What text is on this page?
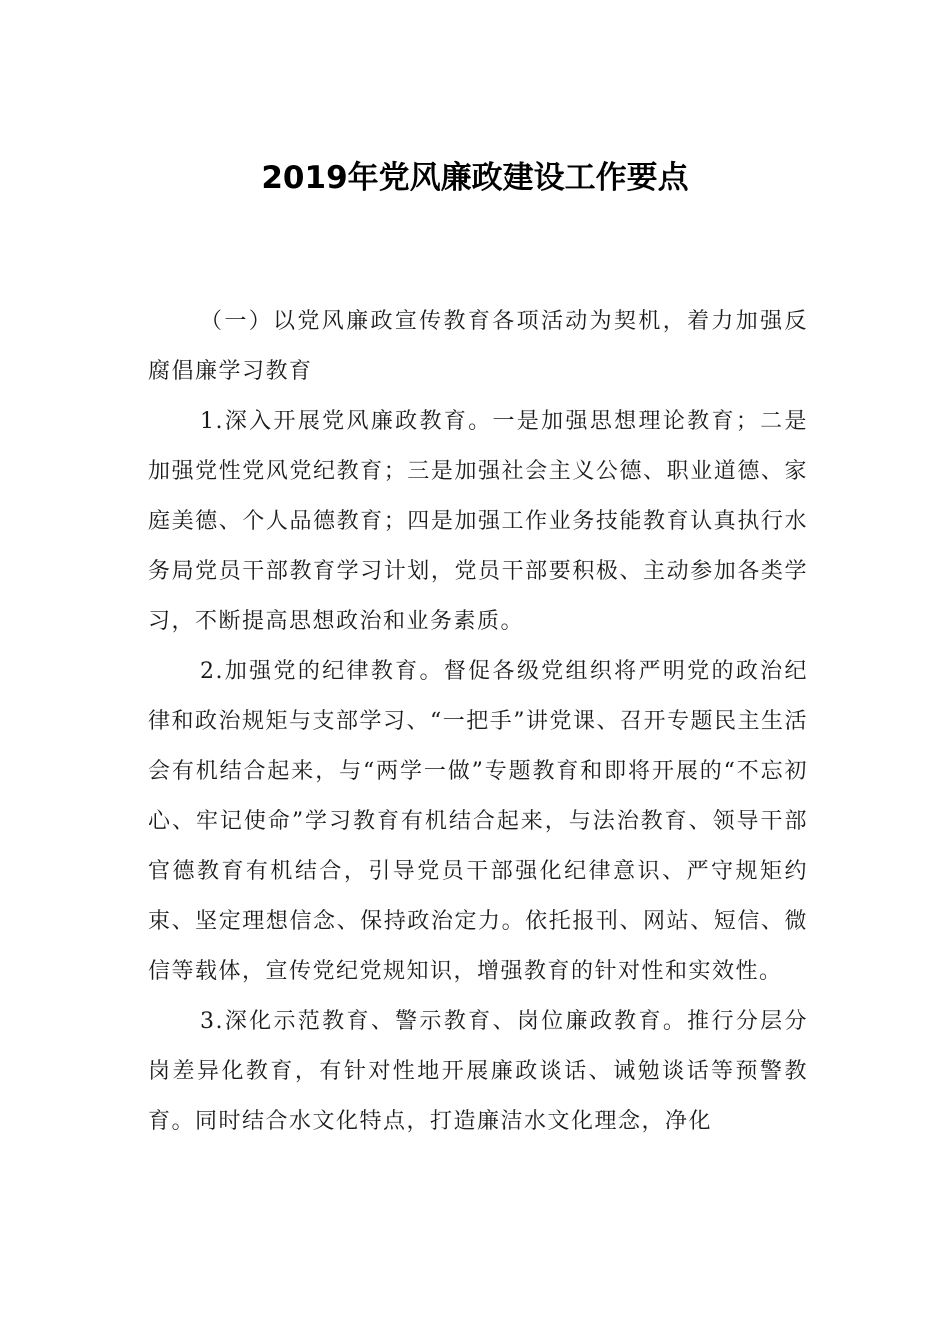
2019年党风廉政建设工作要点

（一）以党风廉政宣传教育各项活动为契机，着力加强反腐倡廉学习教育

1.深入开展党风廉政教育。一是加强思想理论教育；二是加强党性党风党纪教育；三是加强社会主义公德、职业道德、家庭美德、个人品德教育；四是加强工作业务技能教育认真执行水务局党员干部教育学习计划，党员干部要积极、主动参加各类学习，不断提高思想政治和业务素质。

2.加强党的纪律教育。督促各级党组织将严明党的政治纪律和政治规矩与支部学习、“一把手”讲党课、召开专题民主生活会有机结合起来，与“两学一做”专题教育和即将开展的“不忘初心、牢记使命”学习教育有机结合起来，与法治教育、领导干部官德教育有机结合，引导党员干部强化纪律意识、严守规矩约束、坚定理想信念、保持政治定力。依托报刊、网站、短信、微信等载体，宣传党纪党规知识，增强教育的针对性和实效性。

3.深化示范教育、警示教育、岗位廉政教育。推行分层分岗差异化教育，有针对性地开展廉政谈话、诫勉谈话等预警教育。同时结合水文化特点，打造廉洁水文化理念，净化
